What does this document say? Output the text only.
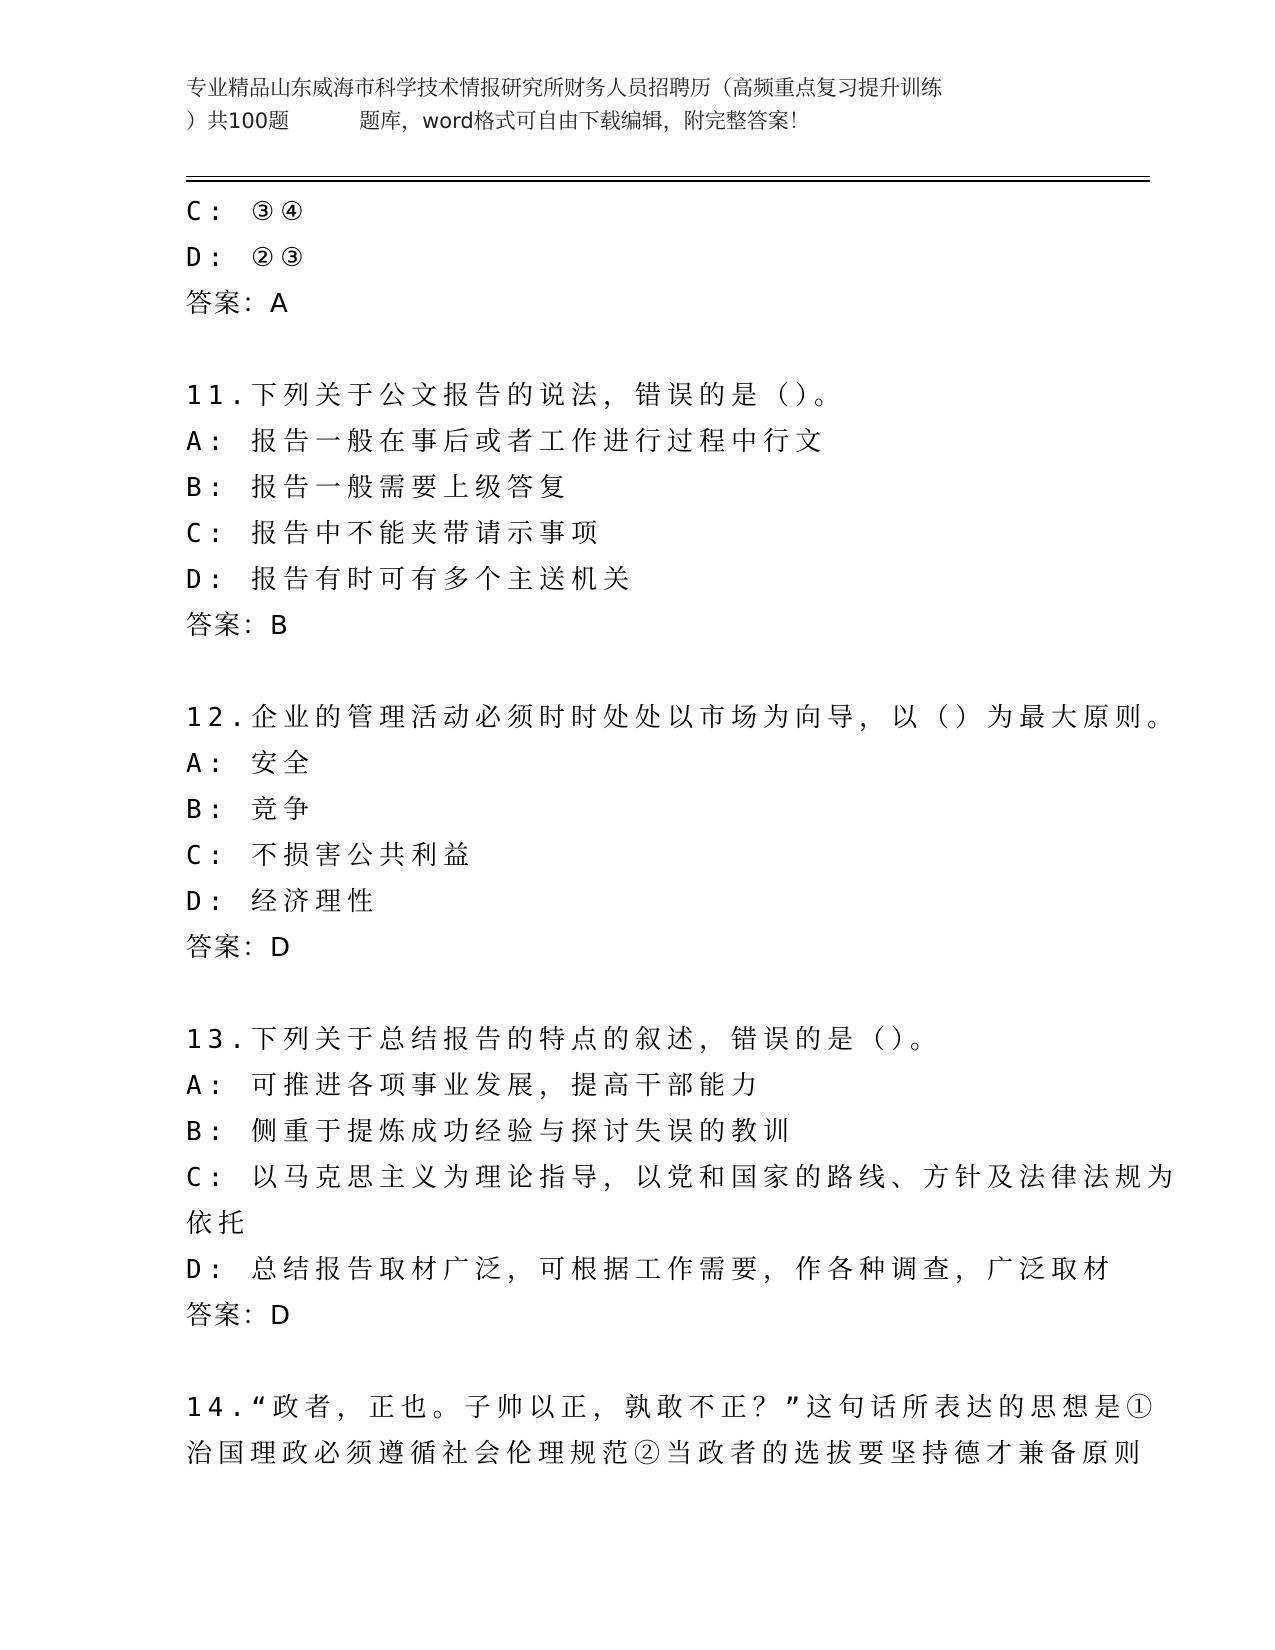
专业精品山东威海市科学技术情报研究所财务人员招聘历（高频重点复习提升训练
）共100题	题库，word格式可自由下载编辑，附完整答案！
C: ③④
D: ②③
答案：A
11.下列关于公文报告的说法，错误的是（）。
A: 报告一般在事后或者工作进行过程中行文
B: 报告一般需要上级答复
C: 报告中不能夹带请示事项
D: 报告有时可有多个主送机关
答案：B
12.企业的管理活动必须时时处处以市场为向导，以（）为最大原则。
A: 安全
B: 竞争
C: 不损害公共利益
D: 经济理性
答案：D
13.下列关于总结报告的特点的叙述，错误的是（）。
A: 可推进各项事业发展，提高干部能力
B: 侧重于提炼成功经验与探讨失误的教训
C: 以马克思主义为理论指导，以党和国家的路线、方针及法律法规为
依托
D: 总结报告取材广泛，可根据工作需要，作各种调查，广泛取材
答案：D
14.“政者，正也。子帅以正，孰敢不正？”这句话所表达的思想是①
治国理政必须遵循社会伦理规范②当政者的选拔要坚持德才兼备原则
